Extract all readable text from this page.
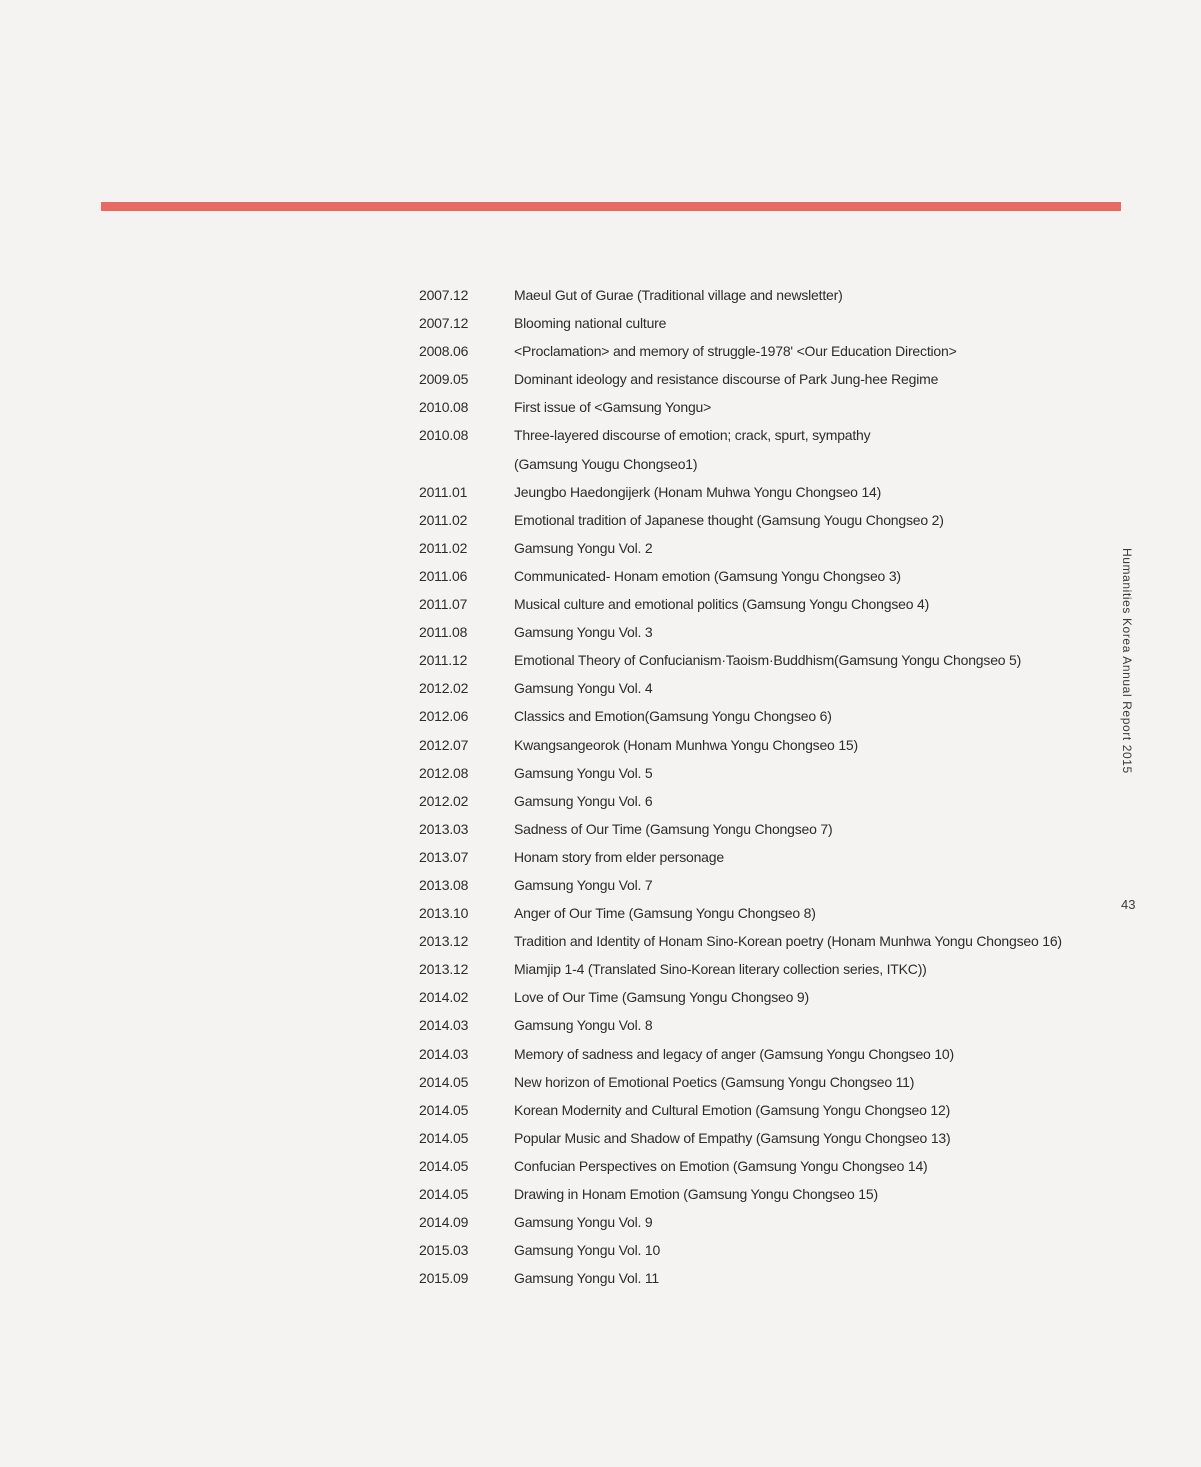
2007.12	Maeul Gut of Gurae (Traditional village and newsletter)
2007.12	Blooming national culture
2008.06	<Proclamation> and memory of struggle-1978' <Our Education Direction>
2009.05	Dominant ideology and resistance discourse of Park Jung-hee Regime
2010.08	First issue of <Gamsung Yongu>
2010.08	Three-layered discourse of emotion; crack, spurt, sympathy
(Gamsung Yougu Chongseo1)
2011.01	Jeungbo Haedongijerk (Honam Muhwa Yongu Chongseo 14)
2011.02	Emotional tradition of Japanese thought (Gamsung Yougu Chongseo 2)
2011.02	Gamsung Yongu Vol. 2
2011.06	Communicated- Honam emotion (Gamsung Yongu Chongseo 3)
2011.07	Musical culture and emotional politics (Gamsung Yongu Chongseo 4)
2011.08	Gamsung Yongu Vol. 3
2011.12	Emotional Theory of Confucianism·Taoism·Buddhism(Gamsung Yongu Chongseo 5)
2012.02	Gamsung Yongu Vol. 4
2012.06	Classics and Emotion(Gamsung Yongu Chongseo 6)
2012.07	Kwangsangeorok (Honam Munhwa Yongu Chongseo 15)
2012.08	Gamsung Yongu Vol. 5
2012.02	Gamsung Yongu Vol. 6
2013.03	Sadness of Our Time (Gamsung Yongu Chongseo 7)
2013.07	Honam story from elder personage
2013.08	Gamsung Yongu Vol. 7
2013.10	Anger of Our Time (Gamsung Yongu Chongseo 8)
2013.12	Tradition and Identity of Honam Sino-Korean poetry (Honam Munhwa Yongu Chongseo 16)
2013.12	Miamjip 1-4 (Translated Sino-Korean literary collection series, ITKC))
2014.02	Love of Our Time (Gamsung Yongu Chongseo 9)
2014.03	Gamsung Yongu Vol. 8
2014.03	Memory of sadness and legacy of anger (Gamsung Yongu Chongseo 10)
2014.05	New horizon of Emotional Poetics (Gamsung Yongu Chongseo 11)
2014.05	Korean Modernity and Cultural Emotion (Gamsung Yongu Chongseo 12)
2014.05	Popular Music and Shadow of Empathy (Gamsung Yongu Chongseo 13)
2014.05	Confucian Perspectives on Emotion (Gamsung Yongu Chongseo 14)
2014.05	Drawing in Honam Emotion (Gamsung Yongu Chongseo 15)
2014.09	Gamsung Yongu Vol. 9
2015.03	Gamsung Yongu Vol. 10
2015.09	Gamsung Yongu Vol. 11
Humanities Korea Annual Report 2015
43
